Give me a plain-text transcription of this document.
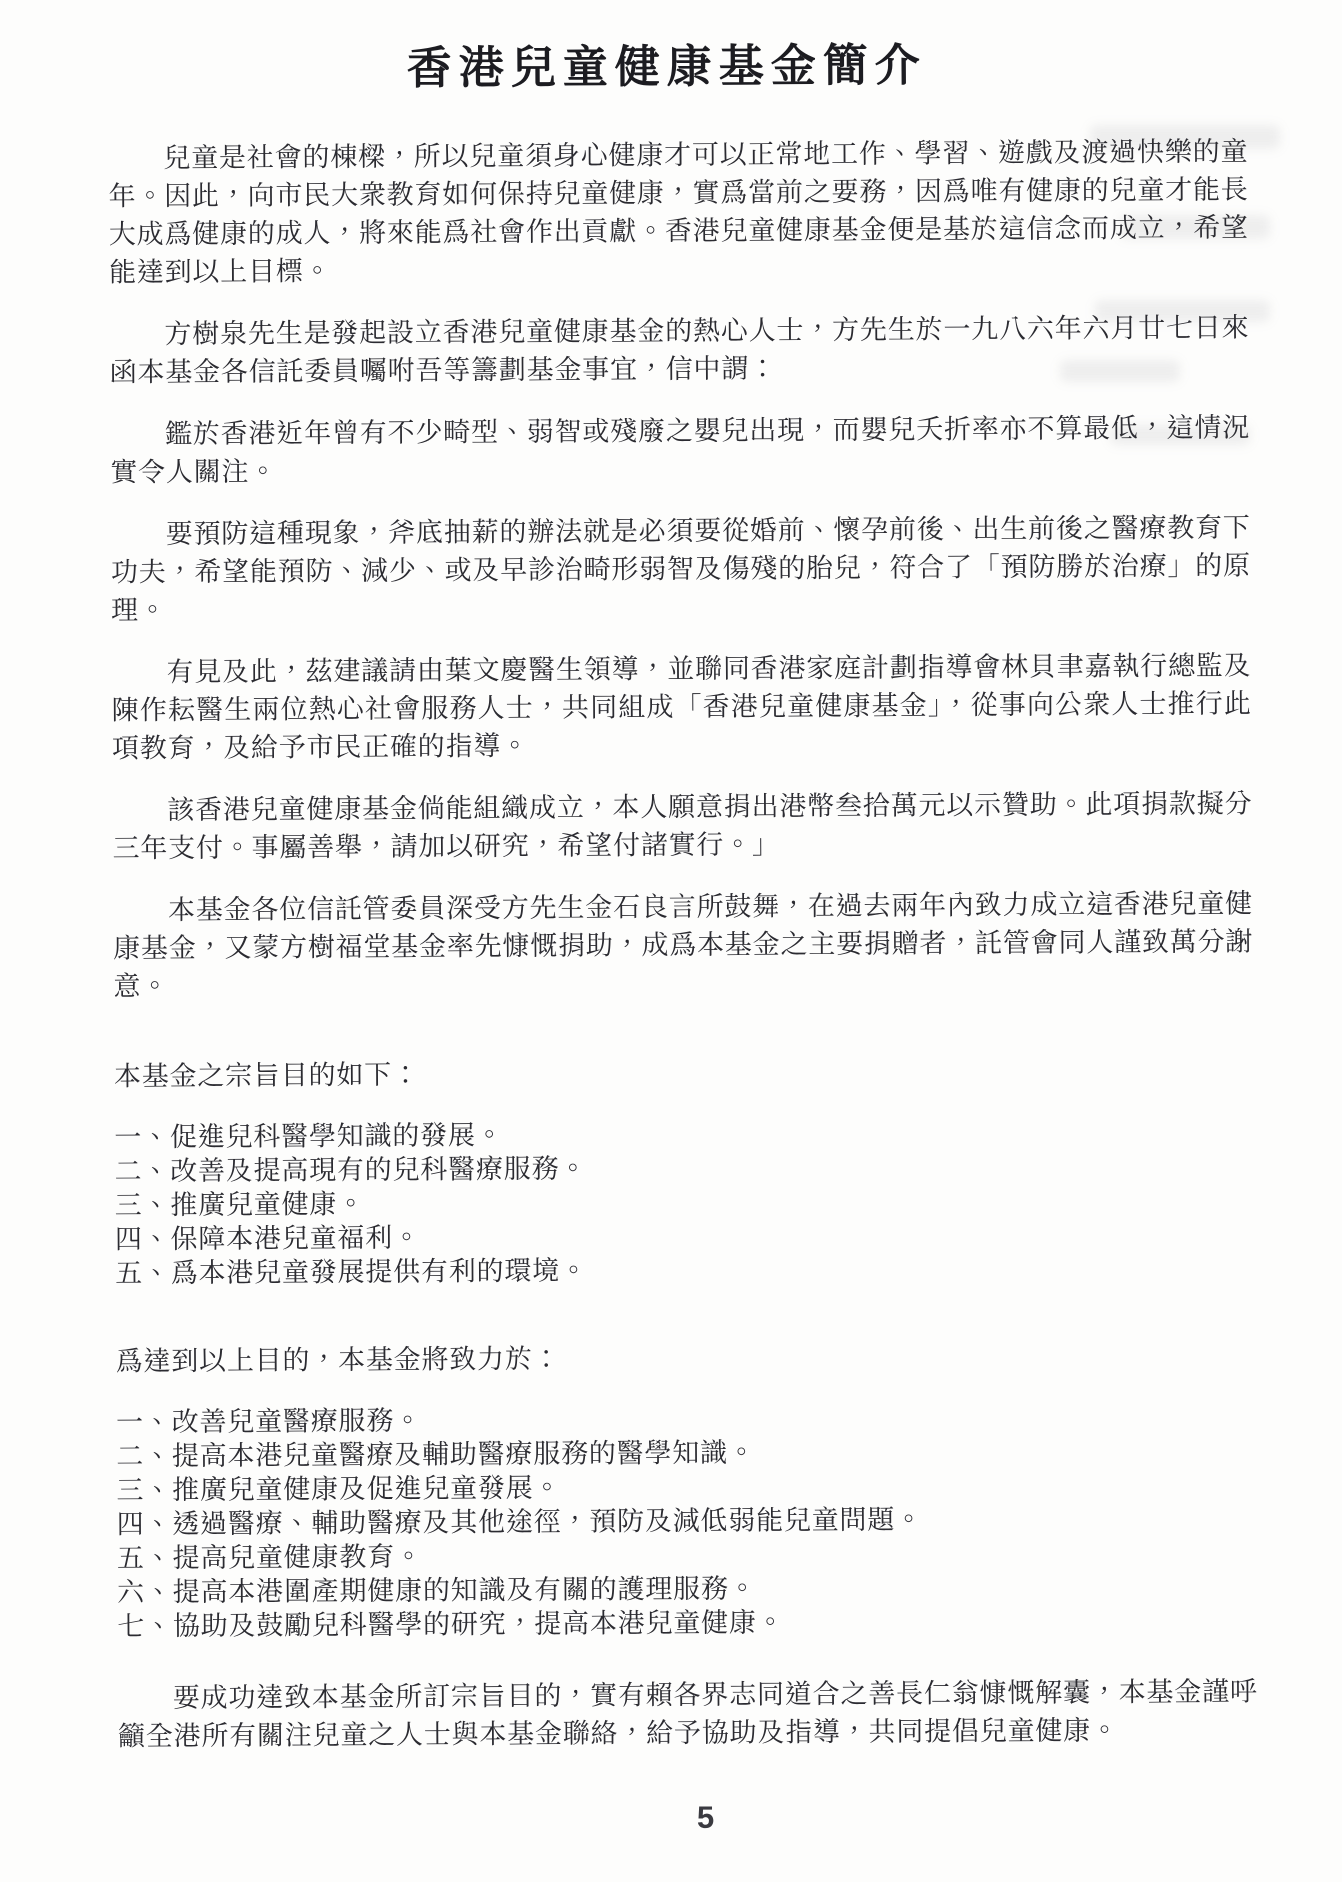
香港兒童健康基金簡介

兒童是社會的棟樑，所以兒童須身心健康才可以正常地工作、學習、遊戲及渡過快樂的童年。因此，向市民大衆教育如何保持兒童健康，實爲當前之要務，因爲唯有健康的兒童才能長大成爲健康的成人，將來能爲社會作出貢獻。香港兒童健康基金便是基於這信念而成立，希望能達到以上目標。

方樹泉先生是發起設立香港兒童健康基金的熱心人士，方先生於一九八六年六月廿七日來函本基金各信託委員囑咐吾等籌劃基金事宜，信中謂：

鑑於香港近年曾有不少畸型、弱智或殘廢之嬰兒出現，而嬰兒夭折率亦不算最低，這情況實令人關注。

要預防這種現象，斧底抽薪的辦法就是必須要從婚前、懷孕前後、出生前後之醫療教育下功夫，希望能預防、減少、或及早診治畸形弱智及傷殘的胎兒，符合了「預防勝於治療」的原理。

有見及此，茲建議請由葉文慶醫生領導，並聯同香港家庭計劃指導會林貝聿嘉執行總監及陳作耘醫生兩位熱心社會服務人士，共同組成「香港兒童健康基金」，從事向公衆人士推行此項教育，及給予市民正確的指導。

該香港兒童健康基金倘能組織成立，本人願意捐出港幣叁拾萬元以示贊助。此項捐款擬分三年支付。事屬善舉，請加以研究，希望付諸實行。」

本基金各位信託管委員深受方先生金石良言所鼓舞，在過去兩年內致力成立這香港兒童健康基金，又蒙方樹福堂基金率先慷慨捐助，成爲本基金之主要捐贈者，託管會同人謹致萬分謝意。

本基金之宗旨目的如下：

一、促進兒科醫學知識的發展。
二、改善及提高現有的兒科醫療服務。
三、推廣兒童健康。
四、保障本港兒童福利。
五、爲本港兒童發展提供有利的環境。

爲達到以上目的，本基金將致力於：

一、改善兒童醫療服務。
二、提高本港兒童醫療及輔助醫療服務的醫學知識。
三、推廣兒童健康及促進兒童發展。
四、透過醫療、輔助醫療及其他途徑，預防及減低弱能兒童問題。
五、提高兒童健康教育。
六、提高本港圍產期健康的知識及有關的護理服務。
七、協助及鼓勵兒科醫學的研究，提高本港兒童健康。

要成功達致本基金所訂宗旨目的，實有賴各界志同道合之善長仁翁慷慨解囊，本基金謹呼籲全港所有關注兒童之人士與本基金聯絡，給予協助及指導，共同提倡兒童健康。

5
